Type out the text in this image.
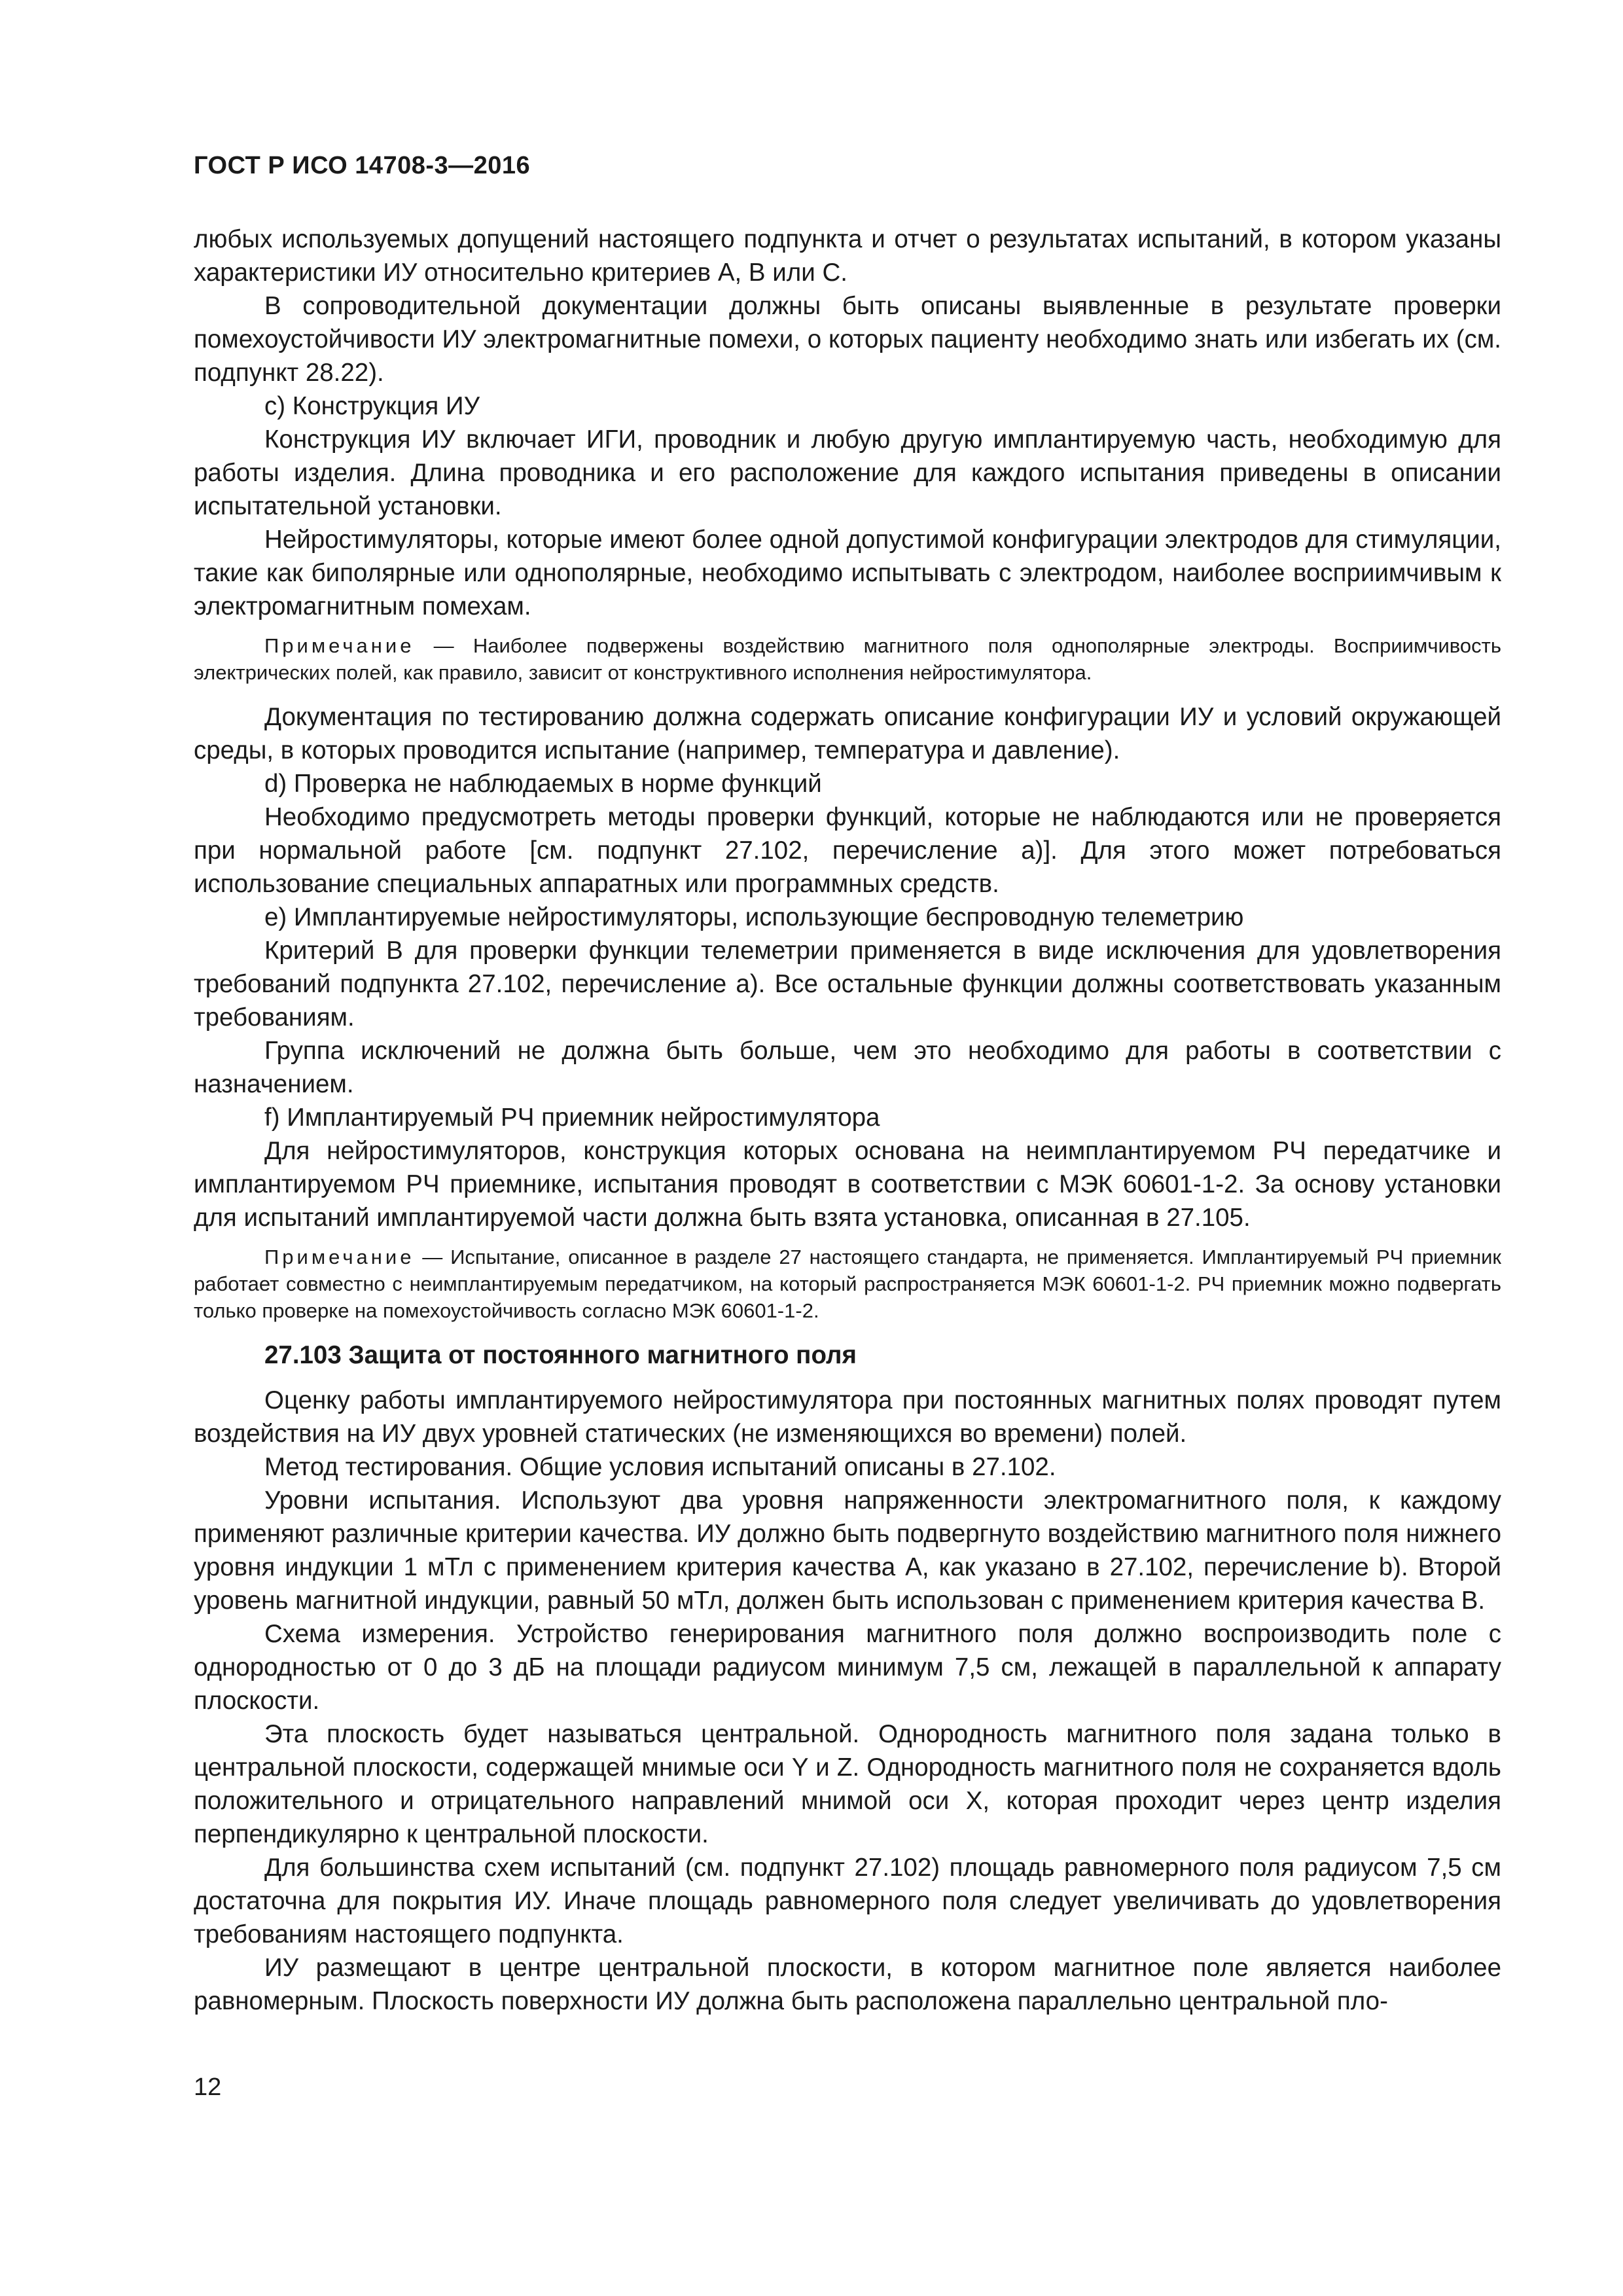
ГОСТ Р ИСО 14708-3—2016

любых используемых допущений настоящего подпункта и отчет о результатах испытаний, в котором указаны характеристики ИУ относительно критериев A, B или C.

В сопроводительной документации должны быть описаны выявленные в результате проверки помехоустойчивости ИУ электромагнитные помехи, о которых пациенту необходимо знать или избегать их (см. подпункт 28.22).

c) Конструкция ИУ

Конструкция ИУ включает ИГИ, проводник и любую другую имплантируемую часть, необходимую для работы изделия. Длина проводника и его расположение для каждого испытания приведены в описании испытательной установки.

Нейростимуляторы, которые имеют более одной допустимой конфигурации электродов для стимуляции, такие как биполярные или однополярные, необходимо испытывать с электродом, наиболее восприимчивым к электромагнитным помехам.

Примечание — Наиболее подвержены воздействию магнитного поля однополярные электроды. Восприимчивость электрических полей, как правило, зависит от конструктивного исполнения нейростимулятора.

Документация по тестированию должна содержать описание конфигурации ИУ и условий окружающей среды, в которых проводится испытание (например, температура и давление).

d) Проверка не наблюдаемых в норме функций

Необходимо предусмотреть методы проверки функций, которые не наблюдаются или не проверяется при нормальной работе [см. подпункт 27.102, перечисление a)]. Для этого может потребоваться использование специальных аппаратных или программных средств.

e) Имплантируемые нейростимуляторы, использующие беспроводную телеметрию

Критерий B для проверки функции телеметрии применяется в виде исключения для удовлетворения требований подпункта 27.102, перечисление a). Все остальные функции должны соответствовать указанным требованиям.

Группа исключений не должна быть больше, чем это необходимо для работы в соответствии с назначением.

f) Имплантируемый РЧ приемник нейростимулятора

Для нейростимуляторов, конструкция которых основана на неимплантируемом РЧ передатчике и имплантируемом РЧ приемнике, испытания проводят в соответствии с МЭК 60601-1-2. За основу установки для испытаний имплантируемой части должна быть взята установка, описанная в 27.105.

Примечание — Испытание, описанное в разделе 27 настоящего стандарта, не применяется. Имплантируемый РЧ приемник работает совместно с неимплантируемым передатчиком, на который распространяется МЭК 60601-1-2. РЧ приемник можно подвергать только проверке на помехоустойчивость согласно МЭК 60601-1-2.

27.103 Защита от постоянного магнитного поля

Оценку работы имплантируемого нейростимулятора при постоянных магнитных полях проводят путем воздействия на ИУ двух уровней статических (не изменяющихся во времени) полей.

Метод тестирования. Общие условия испытаний описаны в 27.102.

Уровни испытания. Используют два уровня напряженности электромагнитного поля, к каждому применяют различные критерии качества. ИУ должно быть подвергнуто воздействию магнитного поля нижнего уровня индукции 1 мТл с применением критерия качества A, как указано в 27.102, перечисление b). Второй уровень магнитной индукции, равный 50 мТл, должен быть использован с применением критерия качества B.

Схема измерения. Устройство генерирования магнитного поля должно воспроизводить поле с однородностью от 0 до 3 дБ на площади радиусом минимум 7,5 см, лежащей в параллельной к аппарату плоскости.

Эта плоскость будет называться центральной. Однородность магнитного поля задана только в центральной плоскости, содержащей мнимые оси Y и Z. Однородность магнитного поля не сохраняется вдоль положительного и отрицательного направлений мнимой оси X, которая проходит через центр изделия перпендикулярно к центральной плоскости.

Для большинства схем испытаний (см. подпункт 27.102) площадь равномерного поля радиусом 7,5 см достаточна для покрытия ИУ. Иначе площадь равномерного поля следует увеличивать до удовлетворения требованиям настоящего подпункта.

ИУ размещают в центре центральной плоскости, в котором магнитное поле является наиболее равномерным. Плоскость поверхности ИУ должна быть расположена параллельно центральной пло-

12
